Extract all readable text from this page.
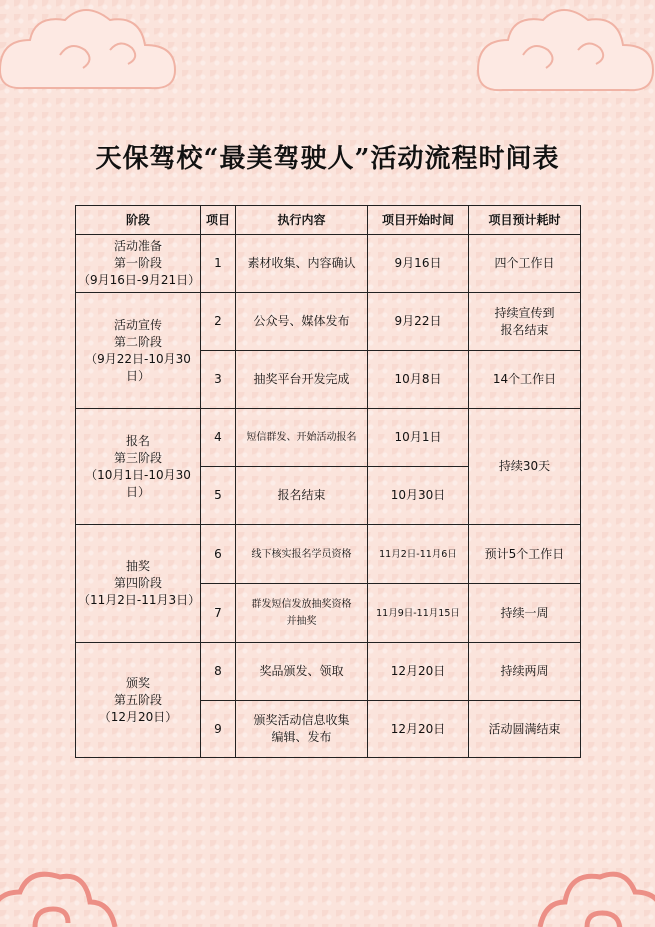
天保驾校“最美驾驶人”活动流程时间表
阶段	项目	执行内容	项目开始时间	项目预计耗时

活动准备
第一阶段
（9月16日-9月21日）	1	素材收集、内容确认	9月16日	四个工作日

活动宣传
第二阶段
（9月22日-10月30日）	2	公众号、媒体发布	9月22日	持续宣传到
报名结束

	3	抽奖平台开发完成	10月8日	14个工作日

报名
第三阶段
（10月1日-10月30日）	4	短信群发、开始活动报名	10月1日	持续30天
	5	报名结束	10月30日	

抽奖
第四阶段
（11月2日-11月3日）	6	线下核实报名学员资格	11月2日-11月6日	预计5个工作日
	7	群发短信发放抽奖资格
并抽奖	11月9日-11月15日	持续一周

颁奖
第五阶段
（12月20日）	8	奖品颁发、领取	12月20日	持续两周
	9	颁奖活动信息收集
编辑、发布	12月20日	活动圆满结束
